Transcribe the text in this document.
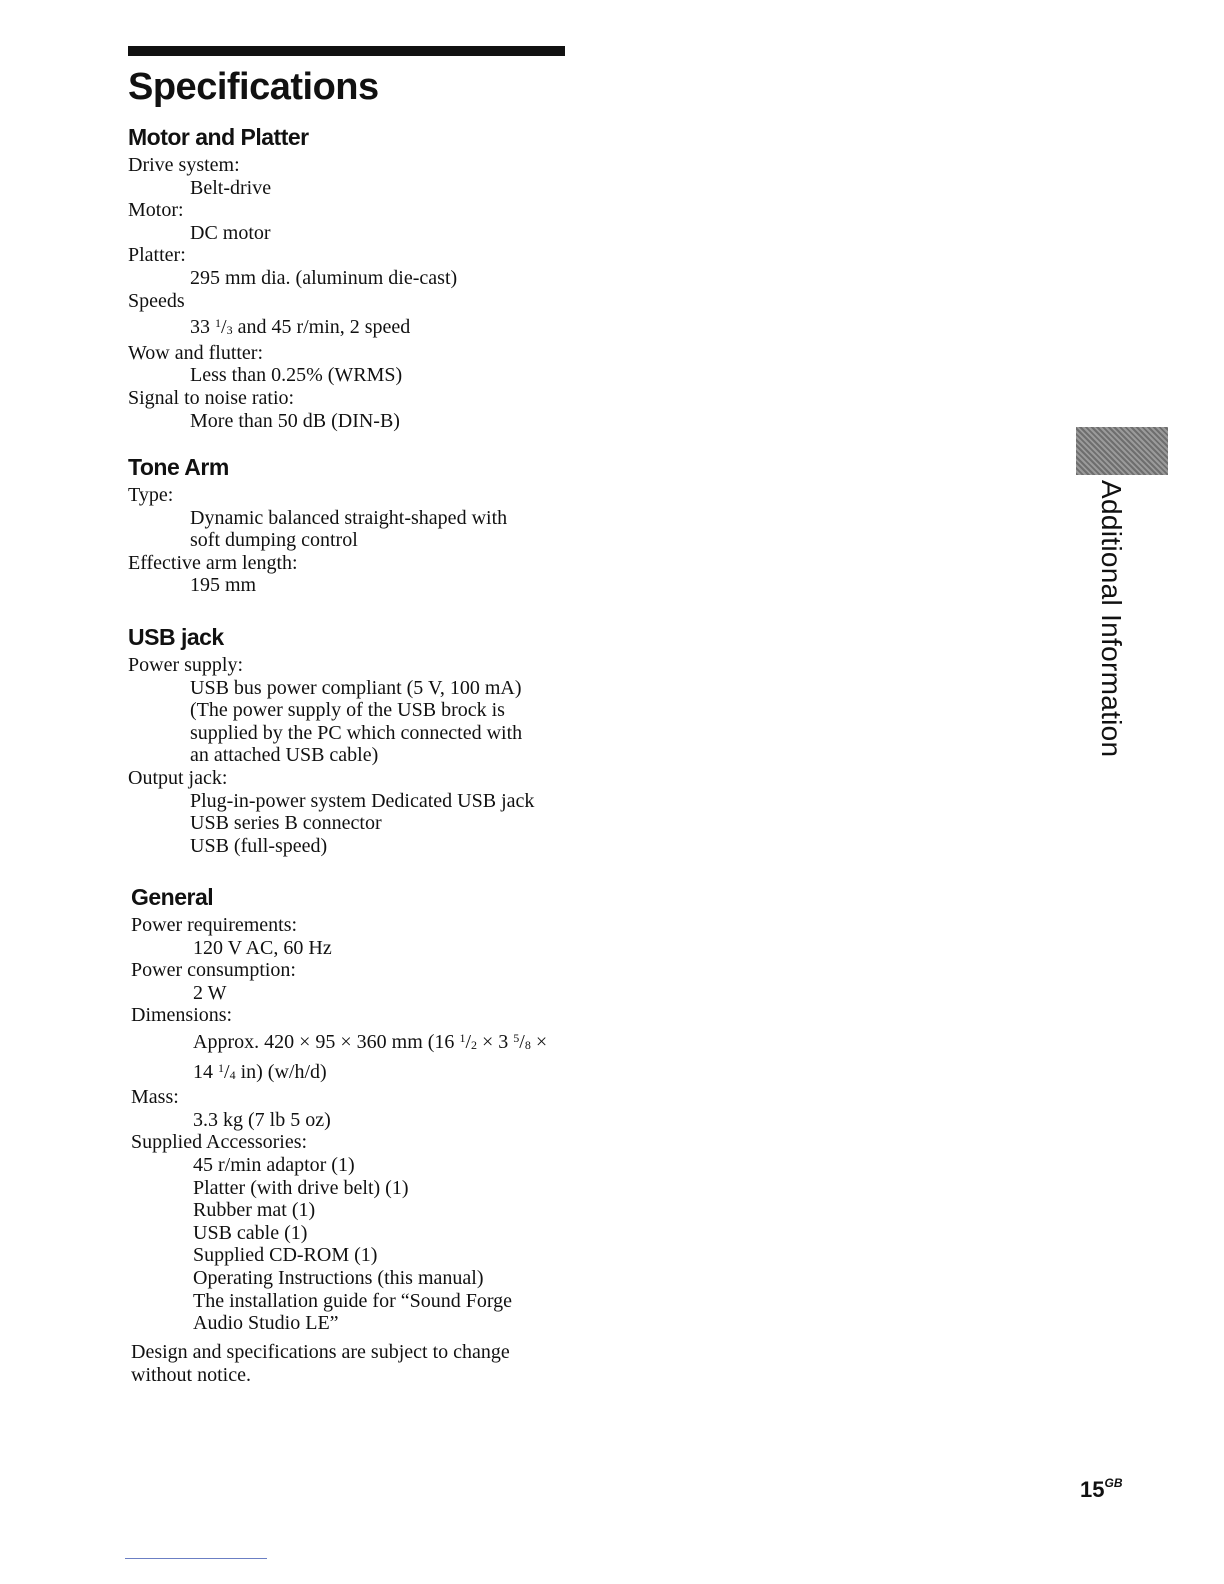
Specifications
Motor and Platter

Drive system:

Belt-drive

Motor:

DC motor

Platter:

295 mm dia. (aluminum die-cast)

Speeds

33 $^1$/3 and 45 r/min, 2 speed

Wow and flutter:

Less than 0.25% (WRMS)

Signal to noise ratio:

More than 50 dB (DIN-B)

Tone Arm

Type:

Dynamic balanced straight-shaped with

soft dumping control

Effective arm length:

195 mm

USB jack

Power supply:

USB bus power compliant (5 V, 100 mA)

(The power supply of the USB brock is

supplied by the PC which connected with

an attached USB cable)

Output jack:

Plug-in-power system Dedicated USB jack

USB series B connector

USB (full-speed)

General

Power requirements:

120 V AC, 60 Hz

Power consumption:

2 W

Dimensions:

Approx. 420 × 95 × 360 mm (16 $^1$/2 × 3 $^5$/8 ×

14 $^1$/4 in) (w/h/d)

Mass:

3.3 kg (7 lb 5 oz)

Supplied Accessories:

45 r/min adaptor (1)

Platter (with drive belt) (1)

Rubber mat (1)

USB cable (1)

Supplied CD-ROM (1)

Operating Instructions (this manual)

The installation guide for “Sound Forge

Audio Studio LE”

Design and specifications are subject to change
without notice.
Additional Information
$15^{GB}$
